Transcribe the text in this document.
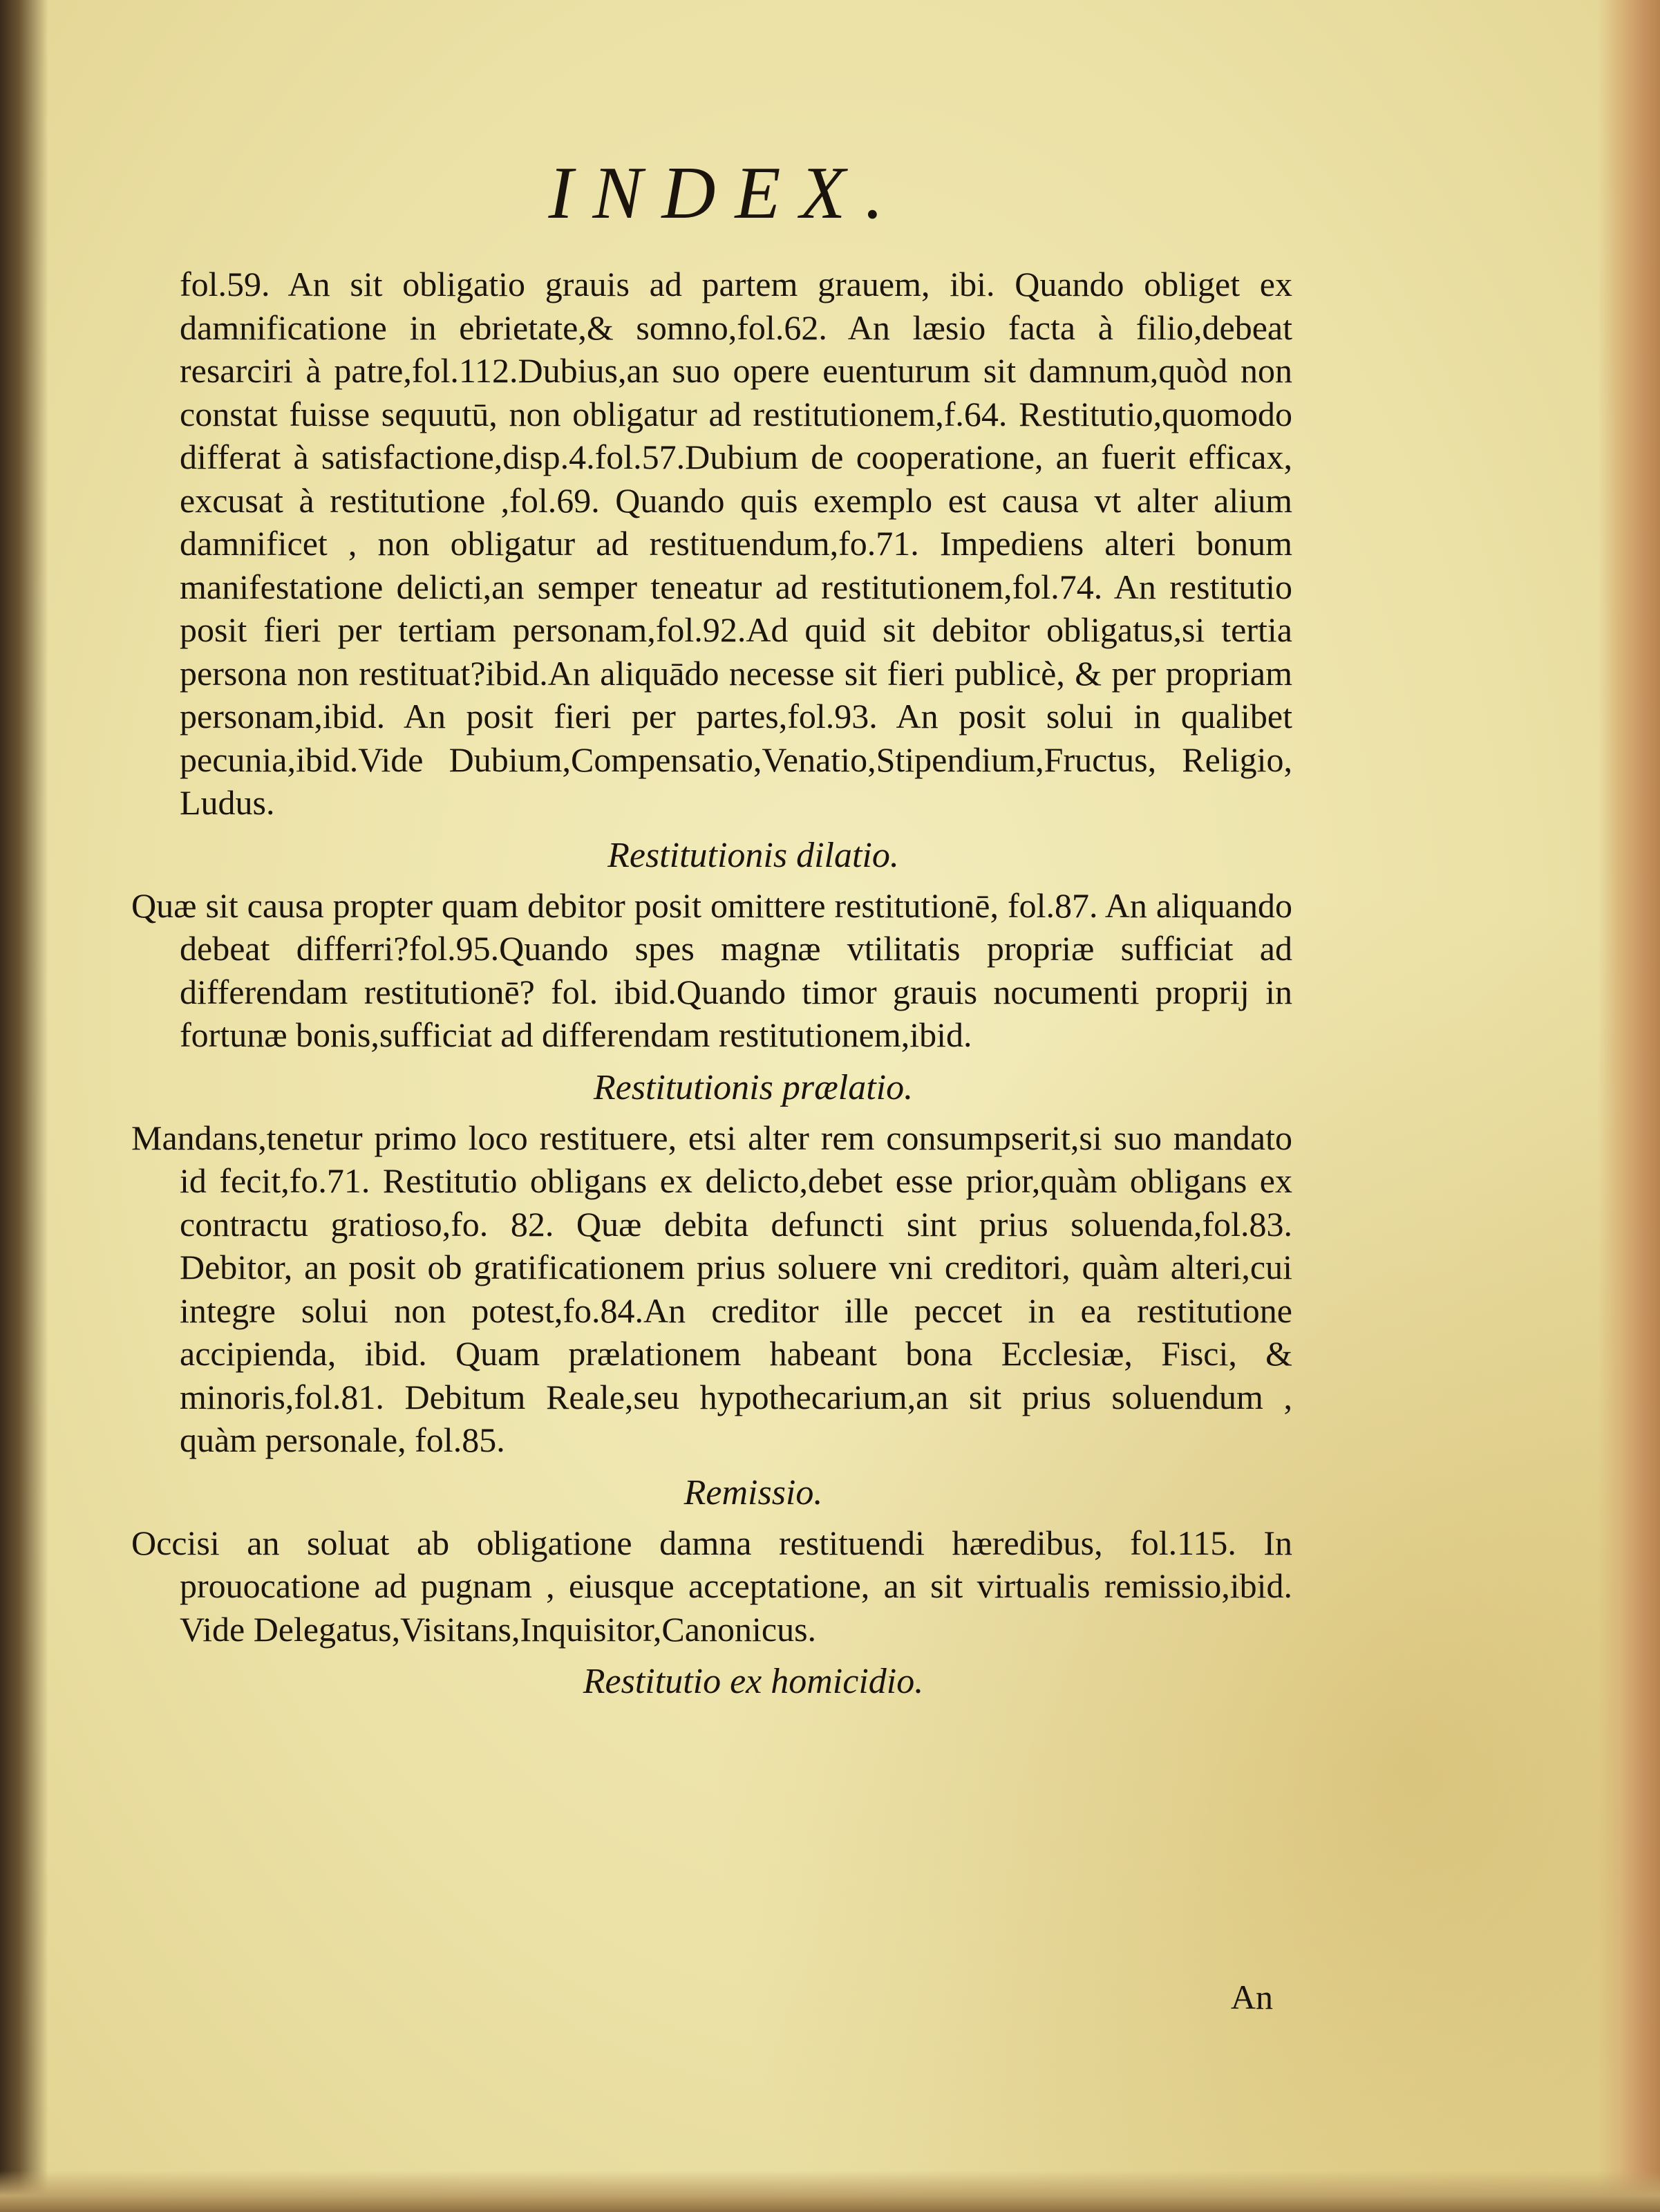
INDEX.

fol.59. An sit obligatio grauis ad partem grauem, ibi. Quando obliget ex damnificatione in ebrietate,& somno,fol.62. An læsio facta à filio,debeat resarciri à patre,fol.112.Dubius,an suo opere euenturum sit damnum,quòd non constat fuisse sequutū, non obligatur ad restitutionem,f.64. Restitutio,quomodo differat à satisfactione,disp.4.fol.57.Dubium de cooperatione, an fuerit efficax, excusat à restitutione ,fol.69. Quando quis exemplo est causa vt alter alium damnificet , non obligatur ad restituendum,fo.71. Impediens alteri bonum manifestatione delicti,an semper teneatur ad restitutionem,fol.74. An restitutio posit fieri per tertiam personam,fol.92.Ad quid sit debitor obligatus,si tertia persona non restituat?ibid.An aliquādo necesse sit fieri publicè, & per propriam personam,ibid. An posit fieri per partes,fol.93. An posit solui in qualibet pecunia,ibid.Vide Dubium,Compensatio,Venatio,Stipendium,Fructus, Religio, Ludus.

Restitutionis dilatio.

Quæ sit causa propter quam debitor posit omittere restitutionē, fol.87. An aliquando debeat differri?fol.95.Quando spes magnæ vtilitatis propriæ sufficiat ad differendam restitutionē? fol. ibid.Quando timor grauis nocumenti proprij in fortunæ bonis,sufficiat ad differendam restitutionem,ibid.

Restitutionis prælatio.

Mandans,tenetur primo loco restituere, etsi alter rem consumpserit,si suo mandato id fecit,fo.71. Restitutio obligans ex delicto,debet esse prior,quàm obligans ex contractu gratioso,fo. 82. Quæ debita defuncti sint prius soluenda,fol.83. Debitor, an posit ob gratificationem prius soluere vni creditori, quàm alteri,cui integre solui non potest,fo.84.An creditor ille peccet in ea restitutione accipienda, ibid. Quam prælationem habeant bona Ecclesiæ, Fisci, & minoris,fol.81. Debitum Reale,seu hypothecarium,an sit prius soluendum , quàm personale, fol.85.

Remissio.

Occisi an soluat ab obligatione damna restituendi hæredibus, fol.115. In prouocatione ad pugnam , eiusque acceptatione, an sit virtualis remissio,ibid. Vide Delegatus,Visitans,Inquisitor,Canonicus.

Restitutio ex homicidio.
An
